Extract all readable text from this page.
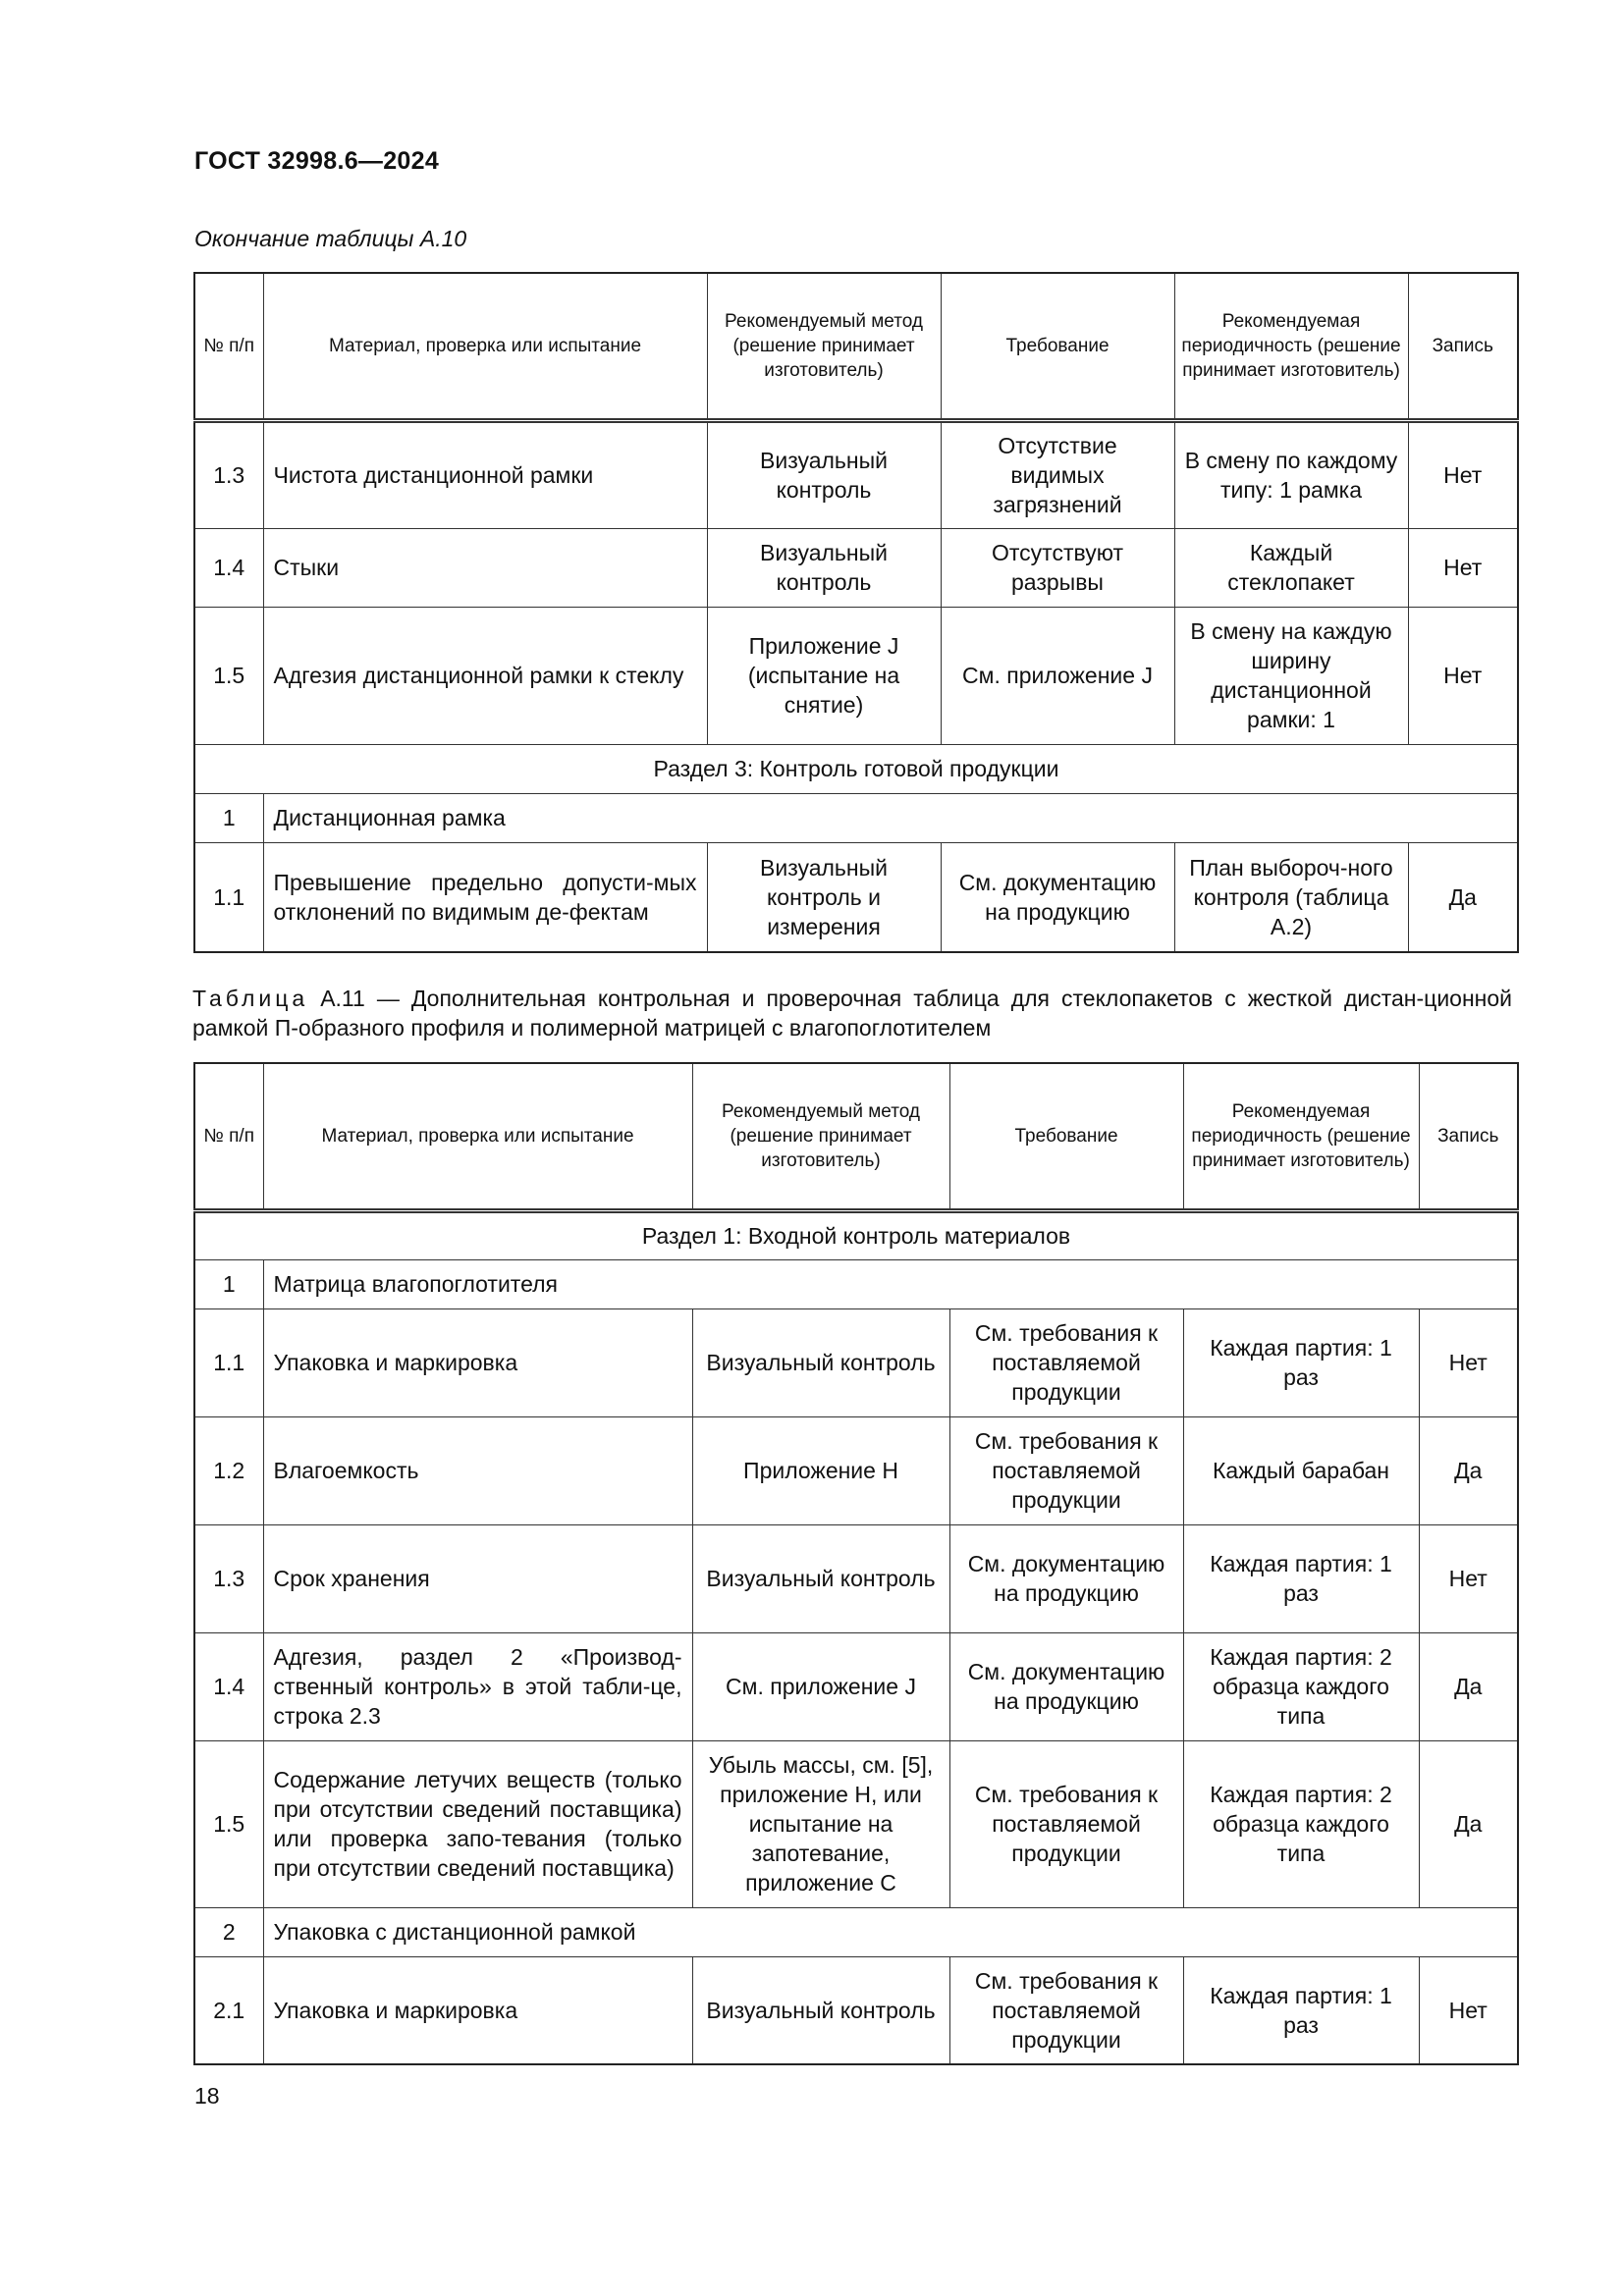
ГОСТ 32998.6—2024
Окончание таблицы А.10
№ п/п	Материал, проверка или испытание	Рекомендуемый метод (решение принимает изготовитель)	Требование	Рекомендуемая периодичность (решение принимает изготовитель)	Запись
1.3	Чистота дистанционной рамки	Визуальный контроль	Отсутствие видимых загрязнений	В смену по каждому типу: 1 рамка	Нет
1.4	Стыки	Визуальный контроль	Отсутствуют разрывы	Каждый стеклопакет	Нет
1.5	Адгезия дистанционной рамки к стеклу	Приложение J (испытание на снятие)	См. приложение J	В смену на каждую ширину дистанционной рамки: 1	Нет
Раздел 3: Контроль готовой продукции					
1	Дистанционная рамка				
1.1	Превышение предельно допусти-мых отклонений по видимым де-фектам	Визуальный контроль и измерения	См. документацию на продукцию	План выбороч-ного контроля (таблица А.2)	Да
Таблица А.11 — Дополнительная контрольная и проверочная таблица для стеклопакетов с жесткой дистан-ционной рамкой П-образного профиля и полимерной матрицей с влагопоглотителем
№ п/п	Материал, проверка или испытание	Рекомендуемый метод (решение принимает изготовитель)	Требование	Рекомендуемая периодичность (решение принимает изготовитель)	Запись
Раздел 1: Входной контроль материалов					
1	Матрица влагопоглотителя				
1.1	Упаковка и маркировка	Визуальный контроль	См. требования к поставляемой продукции	Каждая партия: 1 раз	Нет
1.2	Влагоемкость	Приложение H	См. требования к поставляемой продукции	Каждый барабан	Да
1.3	Срок хранения	Визуальный контроль	См. документацию на продукцию	Каждая партия: 1 раз	Нет
1.4	Адгезия, раздел 2 «Производ-ственный контроль» в этой табли-це, строка 2.3	См. приложение J	См. документацию на продукцию	Каждая партия: 2 образца каждого типа	Да
1.5	Содержание летучих веществ (только при отсутствии сведений поставщика) или проверка запо-тевания (только при отсутствии сведений поставщика)	Убыль массы, см. [5], приложение H, или испытание на запотевание, приложение C	См. требования к поставляемой продукции	Каждая партия: 2 образца каждого типа	Да
2	Упаковка с дистанционной рамкой				
2.1	Упаковка и маркировка	Визуальный контроль	См. требования к поставляемой продукции	Каждая партия: 1 раз	Нет
18
